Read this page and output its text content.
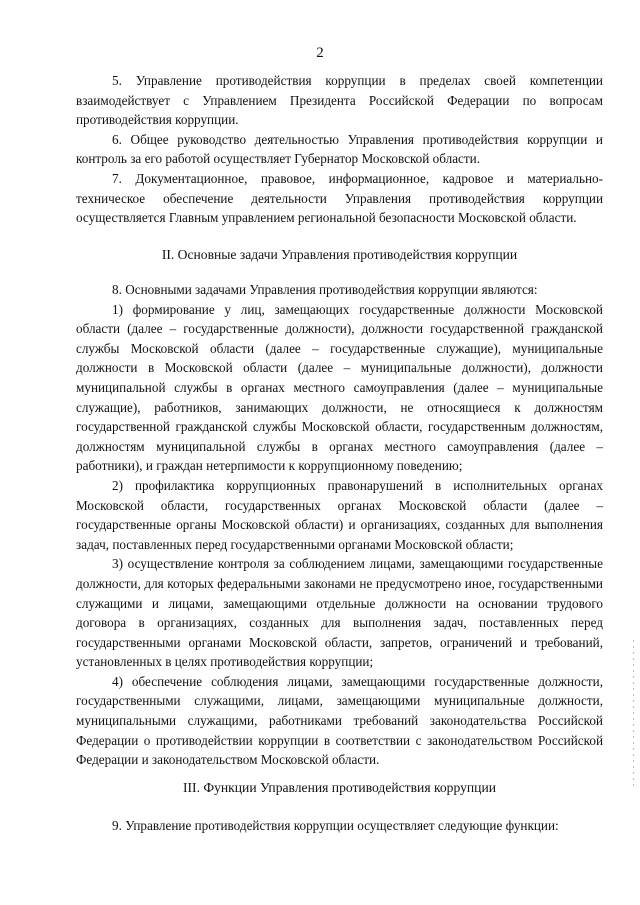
2

5. Управление противодействия коррупции в пределах своей компетенции взаимодействует с Управлением Президента Российской Федерации по вопросам противодействия коррупции.

6. Общее руководство деятельностью Управления противодействия коррупции и контроль за его работой осуществляет Губернатор Московской области.

7. Документационное, правовое, информационное, кадровое и материально-техническое обеспечение деятельности Управления противодействия коррупции осуществляется Главным управлением региональной безопасности Московской области.

II. Основные задачи Управления противодействия коррупции

8. Основными задачами Управления противодействия коррупции являются:

1) формирование у лиц, замещающих государственные должности Московской области (далее – государственные должности), должности государственной гражданской службы Московской области (далее – государственные служащие), муниципальные должности в Московской области (далее – муниципальные должности), должности муниципальной службы в органах местного самоуправления (далее – муниципальные служащие), работников, занимающих должности, не относящиеся к должностям государственной гражданской службы Московской области, государственным должностям, должностям муниципальной службы в органах местного самоуправления (далее – работники), и граждан нетерпимости к коррупционному поведению;

2) профилактика коррупционных правонарушений в исполнительных органах Московской области, государственных органах Московской области (далее – государственные органы Московской области) и организациях, созданных для выполнения задач, поставленных перед государственными органами Московской области;

3) осуществление контроля за соблюдением лицами, замещающими государственные должности, для которых федеральными законами не предусмотрено иное, государственными служащими и лицами, замещающими отдельные должности на основании трудового договора в организациях, созданных для выполнения задач, поставленных перед государственными органами Московской области, запретов, ограничений и требований, установленных в целях противодействия коррупции;

4) обеспечение соблюдения лицами, замещающими государственные должности, государственными служащими, лицами, замещающими муниципальные должности, муниципальными служащими, работниками требований законодательства Российской Федерации о противодействии коррупции в соответствии с законодательством Российской Федерации и законодательством Московской области.

III. Функции Управления противодействия коррупции

9. Управление противодействия коррупции осуществляет следующие функции:
